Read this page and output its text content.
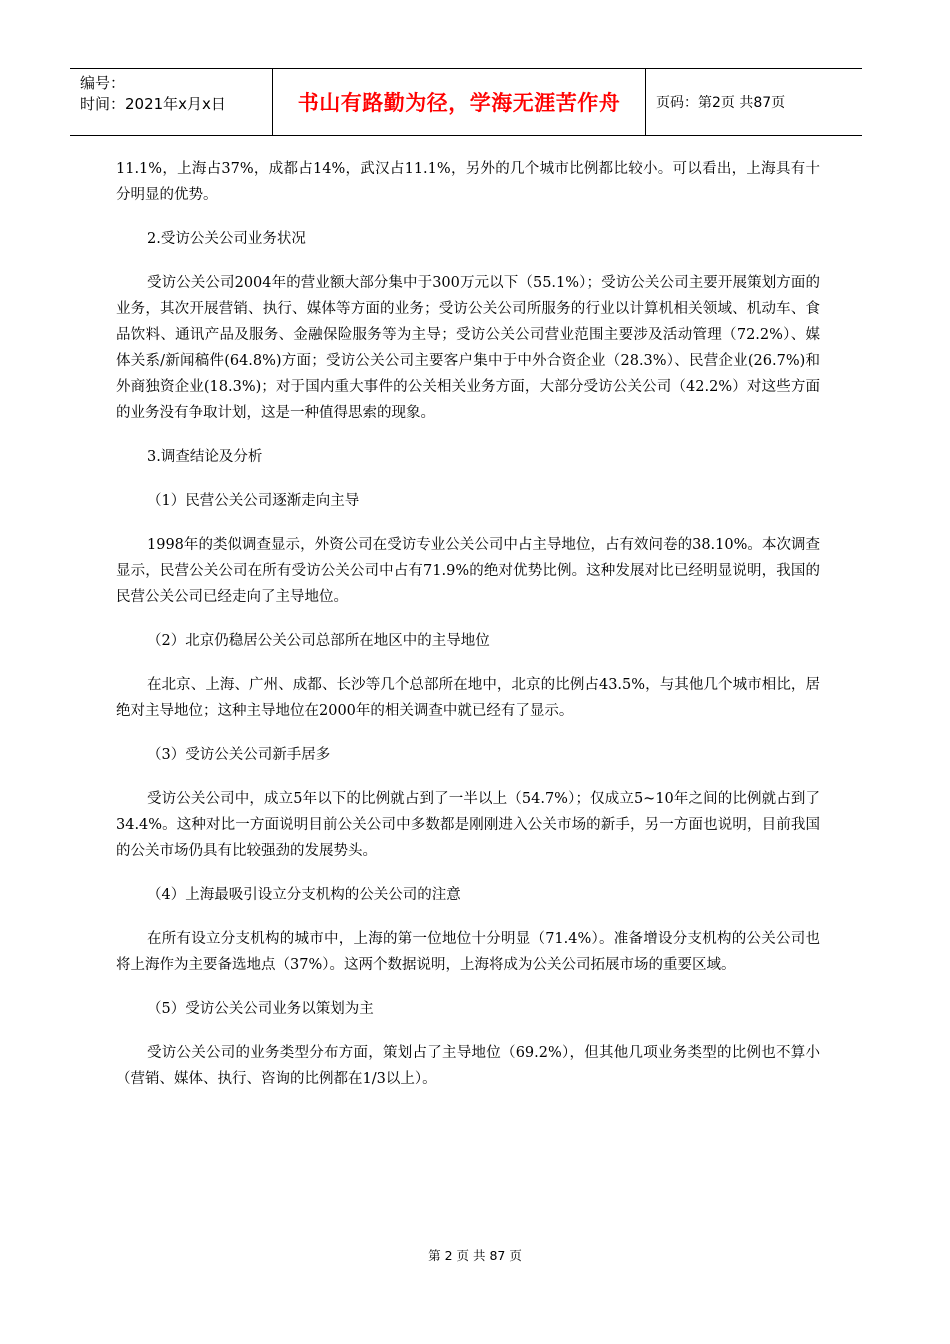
编号：
时间：2021年x月x日	书山有路勤为径，学海无涯苦作舟	页码：第2页 共87页

11.1%，上海占37%，成都占14%，武汉占11.1%，另外的几个城市比例都比较小。可以看出，上海具有十分明显的优势。

2.受访公关公司业务状况

受访公关公司2004年的营业额大部分集中于300万元以下（55.1%）；受访公关公司主要开展策划方面的业务，其次开展营销、执行、媒体等方面的业务；受访公关公司所服务的行业以计算机相关领域、机动车、食品饮料、通讯产品及服务、金融保险服务等为主导；受访公关公司营业范围主要涉及活动管理（72.2%）、媒体关系/新闻稿件(64.8%)方面；受访公关公司主要客户集中于中外合资企业（28.3%）、民营企业(26.7%)和外商独资企业(18.3%)；对于国内重大事件的公关相关业务方面，大部分受访公关公司（42.2%）对这些方面的业务没有争取计划，这是一种值得思索的现象。

3.调查结论及分析

（1）民营公关公司逐渐走向主导

1998年的类似调查显示，外资公司在受访专业公关公司中占主导地位，占有效问卷的38.10%。本次调查显示，民营公关公司在所有受访公关公司中占有71.9%的绝对优势比例。这种发展对比已经明显说明，我国的民营公关公司已经走向了主导地位。

（2）北京仍稳居公关公司总部所在地区中的主导地位

在北京、上海、广州、成都、长沙等几个总部所在地中，北京的比例占43.5%，与其他几个城市相比，居绝对主导地位；这种主导地位在2000年的相关调查中就已经有了显示。

（3）受访公关公司新手居多

受访公关公司中，成立5年以下的比例就占到了一半以上（54.7%）；仅成立5~10年之间的比例就占到了34.4%。这种对比一方面说明目前公关公司中多数都是刚刚进入公关市场的新手，另一方面也说明，目前我国的公关市场仍具有比较强劲的发展势头。

（4）上海最吸引设立分支机构的公关公司的注意

在所有设立分支机构的城市中，上海的第一位地位十分明显（71.4%）。准备增设分支机构的公关公司也将上海作为主要备选地点（37%）。这两个数据说明，上海将成为公关公司拓展市场的重要区域。

（5）受访公关公司业务以策划为主

受访公关公司的业务类型分布方面，策划占了主导地位（69.2%），但其他几项业务类型的比例也不算小（营销、媒体、执行、咨询的比例都在1/3以上）。

第 2 页 共 87 页
